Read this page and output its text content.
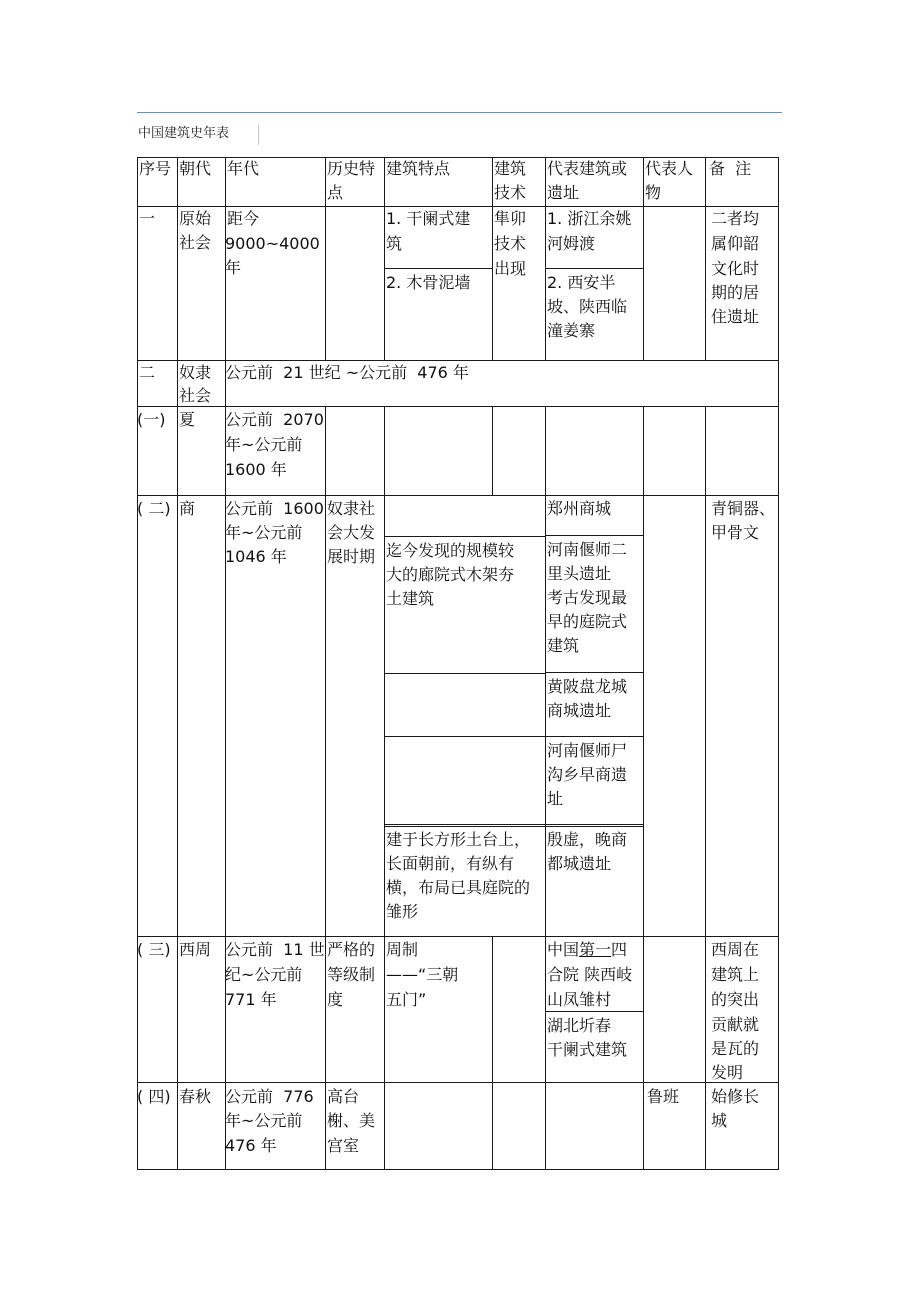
中国建筑史年表
序号 朝代 年代	历史特
点
建筑特点	建筑
技术
代表建筑或
遗址
代表人
物
备  注
一 原始
社会
距今
9000~4000
年
1. 干阑式建
筑
2. 木骨泥墙
隼卯
技术
出现
1. 浙江余姚
河姆渡
2. 西安半
坡、陕西临
潼姜寨
二者均
属仰韶
文化时
期的居
住遗址
二 奴隶
社会
公元前  21 世纪 ~公元前  476 年
(一) 夏 公元前  2070
年~公元前
1600 年
( 二) 商 公元前  1600
年~公元前
1046 年
奴隶社
会大发
展时期 迄今发现的规模较
大的廊院式木架夯
土建筑
建于长方形土台上，
长面朝前，有纵有
横，布局已具庭院的
雏形
郑州商城
河南偃师二
里头遗址
考古发现最
早的庭院式
建筑
黄陂盘龙城
商城遗址
河南偃师尸
沟乡早商遗
址
殷虚，晚商
都城遗址
青铜器、
甲骨文
( 三) 西周 公元前  11 世
纪~公元前
771 年
严格的
等级制
度
周制
——“三朝
五门”
中国第一四
合院 陕西岐
山凤雏村
湖北圻春
干阑式建筑
西周在
建筑上
的突出
贡献就
是瓦的
发明
( 四) 春秋 公元前  776
年~公元前
476 年
高台
榭、美
宫室
鲁班 始修长
城
